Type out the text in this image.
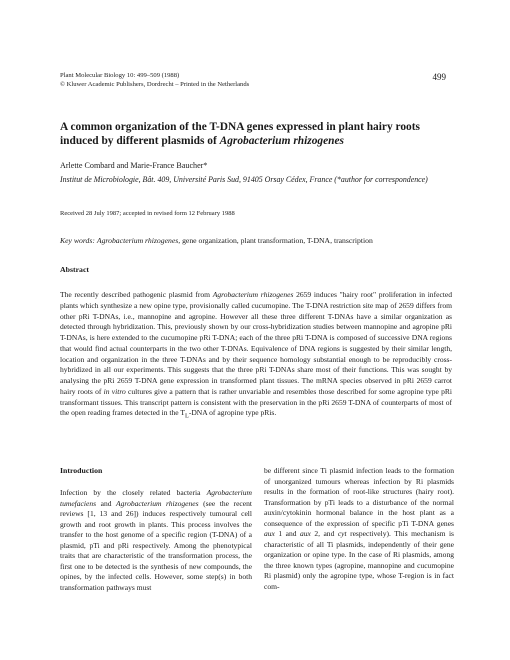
Plant Molecular Biology 10: 499–509 (1988)
© Kluwer Academic Publishers, Dordrecht – Printed in the Netherlands
499
A common organization of the T-DNA genes expressed in plant hairy roots induced by different plasmids of Agrobacterium rhizogenes
Arlette Combard and Marie-France Baucher*
Institut de Microbiologie, Bât. 409, Université Paris Sud, 91405 Orsay Cédex, France (*author for correspondence)
Received 28 July 1987; accepted in revised form 12 February 1988
Key words: Agrobacterium rhizogenes, gene organization, plant transformation, T-DNA, transcription
Abstract

The recently described pathogenic plasmid from Agrobacterium rhizogenes 2659 induces "hairy root" proliferation in infected plants which synthesize a new opine type, provisionally called cucumopine. The T-DNA restriction site map of 2659 differs from other pRi T-DNAs, i.e., mannopine and agropine. However all these three different T-DNAs have a similar organization as detected through hybridization. This, previously shown by our cross-hybridization studies between mannopine and agropine pRi T-DNAs, is here extended to the cucumopine pRi T-DNA; each of the three pRi T-DNA is composed of successive DNA regions that would find actual counterparts in the two other T-DNAs. Equivalence of DNA regions is suggested by their similar length, location and organization in the three T-DNAs and by their sequence homology substantial enough to be reproducibly cross-hybridized in all our experiments. This suggests that the three pRi T-DNAs share most of their functions. This was sought by analysing the pRi 2659 T-DNA gene expression in transformed plant tissues. The mRNA species observed in pRi 2659 carrot hairy roots of in vitro cultures give a pattern that is rather unvariable and resembles those described for some agropine type pRi transformant tissues. This transcript pattern is consistent with the preservation in the pRi 2659 T-DNA of counterparts of most of the open reading frames detected in the $T_L$-DNA of agropine type pRis.

Introduction

Infection by the closely related bacteria Agrobacterium tumefaciens and Agrobacterium rhizogenes (see the recent reviews [1, 13 and 26]) induces respectively tumoural cell growth and root growth in plants. This process involves the transfer to the host genome of a specific region (T-DNA) of a plasmid, pTi and pRi respectively. Among the phenotypical traits that are characteristic of the transformation process, the first one to be detected is the synthesis of new compounds, the opines, by the infected cells. However, some step(s) in both transformation pathways must

be different since Ti plasmid infection leads to the formation of unorganized tumours whereas infection by Ri plasmids results in the formation of root-like structures (hairy root). Transformation by pTi leads to a disturbance of the normal auxin/cytokinin hormonal balance in the host plant as a consequence of the expression of specific pTi T-DNA genes aux 1 and aux 2, and cyt respectively). This mechanism is characteristic of all Ti plasmids, independently of their gene organization or opine type. In the case of Ri plasmids, among the three known types (agropine, mannopine and cucumopine Ri plasmid) only the agropine type, whose T-region is in fact com-
